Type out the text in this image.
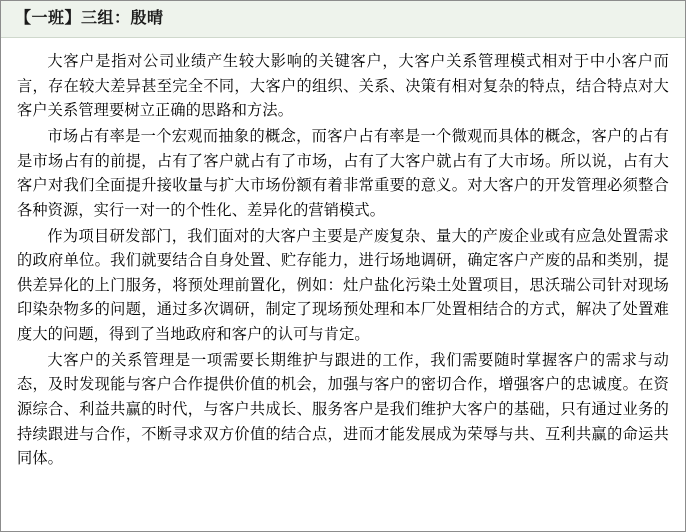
【一班】三组：殷晴

大客户是指对公司业绩产生较大影响的关键客户，大客户关系管理模式相对于中小客户而言，存在较大差异甚至完全不同，大客户的组织、关系、决策有相对复杂的特点，结合特点对大客户关系管理要树立正确的思路和方法。

市场占有率是一个宏观而抽象的概念，而客户占有率是一个微观而具体的概念，客户的占有是市场占有的前提，占有了客户就占有了市场，占有了大客户就占有了大市场。所以说，占有大客户对我们全面提升接收量与扩大市场份额有着非常重要的意义。对大客户的开发管理必须整合各种资源，实行一对一的个性化、差异化的营销模式。

作为项目研发部门，我们面对的大客户主要是产废复杂、量大的产废企业或有应急处置需求的政府单位。我们就要结合自身处置、贮存能力，进行场地调研，确定客户产废的品和类别，提供差异化的上门服务，将预处理前置化，例如：灶户盐化污染土处置项目，思沃瑞公司针对现场印染杂物多的问题，通过多次调研，制定了现场预处理和本厂处置相结合的方式，解决了处置难度大的问题，得到了当地政府和客户的认可与肯定。

大客户的关系管理是一项需要长期维护与跟进的工作，我们需要随时掌握客户的需求与动态，及时发现能与客户合作提供价值的机会，加强与客户的密切合作，增强客户的忠诚度。在资源综合、利益共赢的时代，与客户共成长、服务客户是我们维护大客户的基础，只有通过业务的持续跟进与合作，不断寻求双方价值的结合点，进而才能发展成为荣辱与共、互利共赢的命运共同体。
